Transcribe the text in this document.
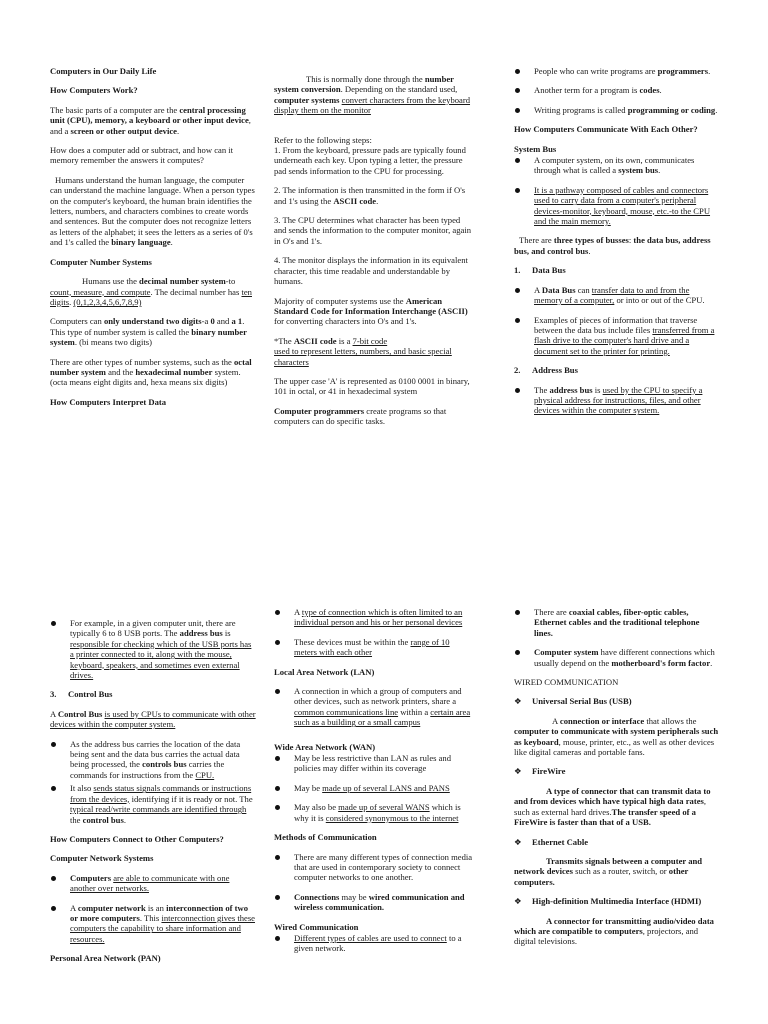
Computers in Our Daily Life

How Computers Work?

The basic parts of a computer are the central processing unit (CPU), memory, a keyboard or other input device, and a screen or other output device.

How does a computer add or subtract, and how can it memory remember the answers it computes?

Humans understand the human language, the computer can understand the machine language. When a person types on the computer's keyboard, the human brain identifies the letters, numbers, and characters combines to create words and sentences. But the computer does not recognize letters as letters of the alphabet; it sees the letters as a series of 0's and 1's called the binary language.

Computer Number Systems

Humans use the decimal number system-to count, measure, and compute. The decimal number has ten digits. (0,1,2,3,4,5,6,7,8,9)

Computers can only understand two digits-a 0 and a 1. This type of number system is called the binary number system. (bi means two digits)

There are other types of number systems, such as the octal number system and the hexadecimal number system. (octa means eight digits and, hexa means six digits)

How Computers Interpret Data

This is normally done through the number system conversion. Depending on the standard used, computer systems convert characters from the keyboard display them on the monitor

Refer to the following steps:

1. From the keyboard, pressure pads are typically found underneath each key. Upon typing a letter, the pressure pad sends information to the CPU for processing.

2. The information is then transmitted in the form if O's and 1's using the ASCII code.

3. The CPU determines what character has been typed and sends the information to the computer monitor, again in O's and 1's.

4. The monitor displays the information in its equivalent character, this time readable and understandable by humans.

Majority of computer systems use the American Standard Code for Information Interchange (ASCII) for converting characters into O's and 1's.

*The ASCII code is a 7-bit code
used to represent letters, numbers, and basic special characters

The upper case 'A' is represented as 0100 0001 in binary, 101 in octal, or 41 in hexadecimal system

Computer programmers create programs so that computers can do specific tasks.

People who can write programs are programmers.
Another term for a program is codes.
Writing programs is called programming or coding.

How Computers Communicate With Each Other?

System Bus

A computer system, on its own, communicates through what is called a system bus.
It is a pathway composed of cables and connectors used to carry data from a computer's peripheral devices-monitor, keyboard, mouse, etc.-to the CPU and the main memory.

There are three types of busses: the data bus, address bus, and control bus.

1. Data Bus

A Data Bus can transfer data to and from the memory of a computer, or into or out of the CPU.
Examples of pieces of information that traverse between the data bus include files transferred from a flash drive to the computer's hard drive and a document set to the printer for printing.

2. Address Bus

The address bus is used by the CPU to specify a physical address for instructions, files, and other devices within the computer system.
For example, in a given computer unit, there are typically 6 to 8 USB ports. The address bus is responsible for checking which of the USB ports has a printer connected to it, along with the mouse, keyboard, speakers, and sometimes even external drives.

3. Control Bus

A Control Bus is used by CPUs to communicate with other devices within the computer system.

As the address bus carries the location of the data being sent and the data bus carries the actual data being processed, the controls bus carries the commands for instructions from the CPU.
It also sends status signals commands or instructions from the devices, identifying if it is ready or not. The typical read/write commands are identified through the control bus.

How Computers Connect to Other Computers?

Computer Network Systems

Computers are able to communicate with one another over networks.
A computer network is an interconnection of two or more computers. This interconnection gives these computers the capability to share information and resources.

Personal Area Network (PAN)

A type of connection which is often limited to an individual person and his or her personal devices
These devices must be within the range of 10 meters with each other

Local Area Network (LAN)

A connection in which a group of computers and other devices, such as network printers, share a common communications line within a certain area such as a building or a small campus

Wide Area Network (WAN)

May be less restrictive than LAN as rules and policies may differ within its coverage
May be made up of several LANS and PANS
May also be made up of several WANS which is why it is considered synonymous to the internet

Methods of Communication

There are many different types of connection media that are used in contemporary society to connect computer networks to one another.
Connections may be wired communication and wireless communication.

Wired Communication

Different types of cables are used to connect to a given network.
There are coaxial cables, fiber-optic cables, Ethernet cables and the traditional telephone lines.
Computer system have different connections which usually depend on the motherboard's form factor.

WIRED COMMUNICATION

❖ Universal Serial Bus (USB)

A connection or interface that allows the computer to communicate with system peripherals such as keyboard, mouse, printer, etc., as well as other devices like digital cameras and portable fans.

❖ FireWire

A type of connector that can transmit data to and from devices which have typical high data rates, such as external hard drives.The transfer speed of a FireWire is faster than that of a USB.

❖ Ethernet Cable

Transmits signals between a computer and network devices such as a router, switch, or other computers.

❖ High-definition Multimedia Interface (HDMI)

A connector for transmitting audio/video data which are compatible to computers, projectors, and digital televisions.
